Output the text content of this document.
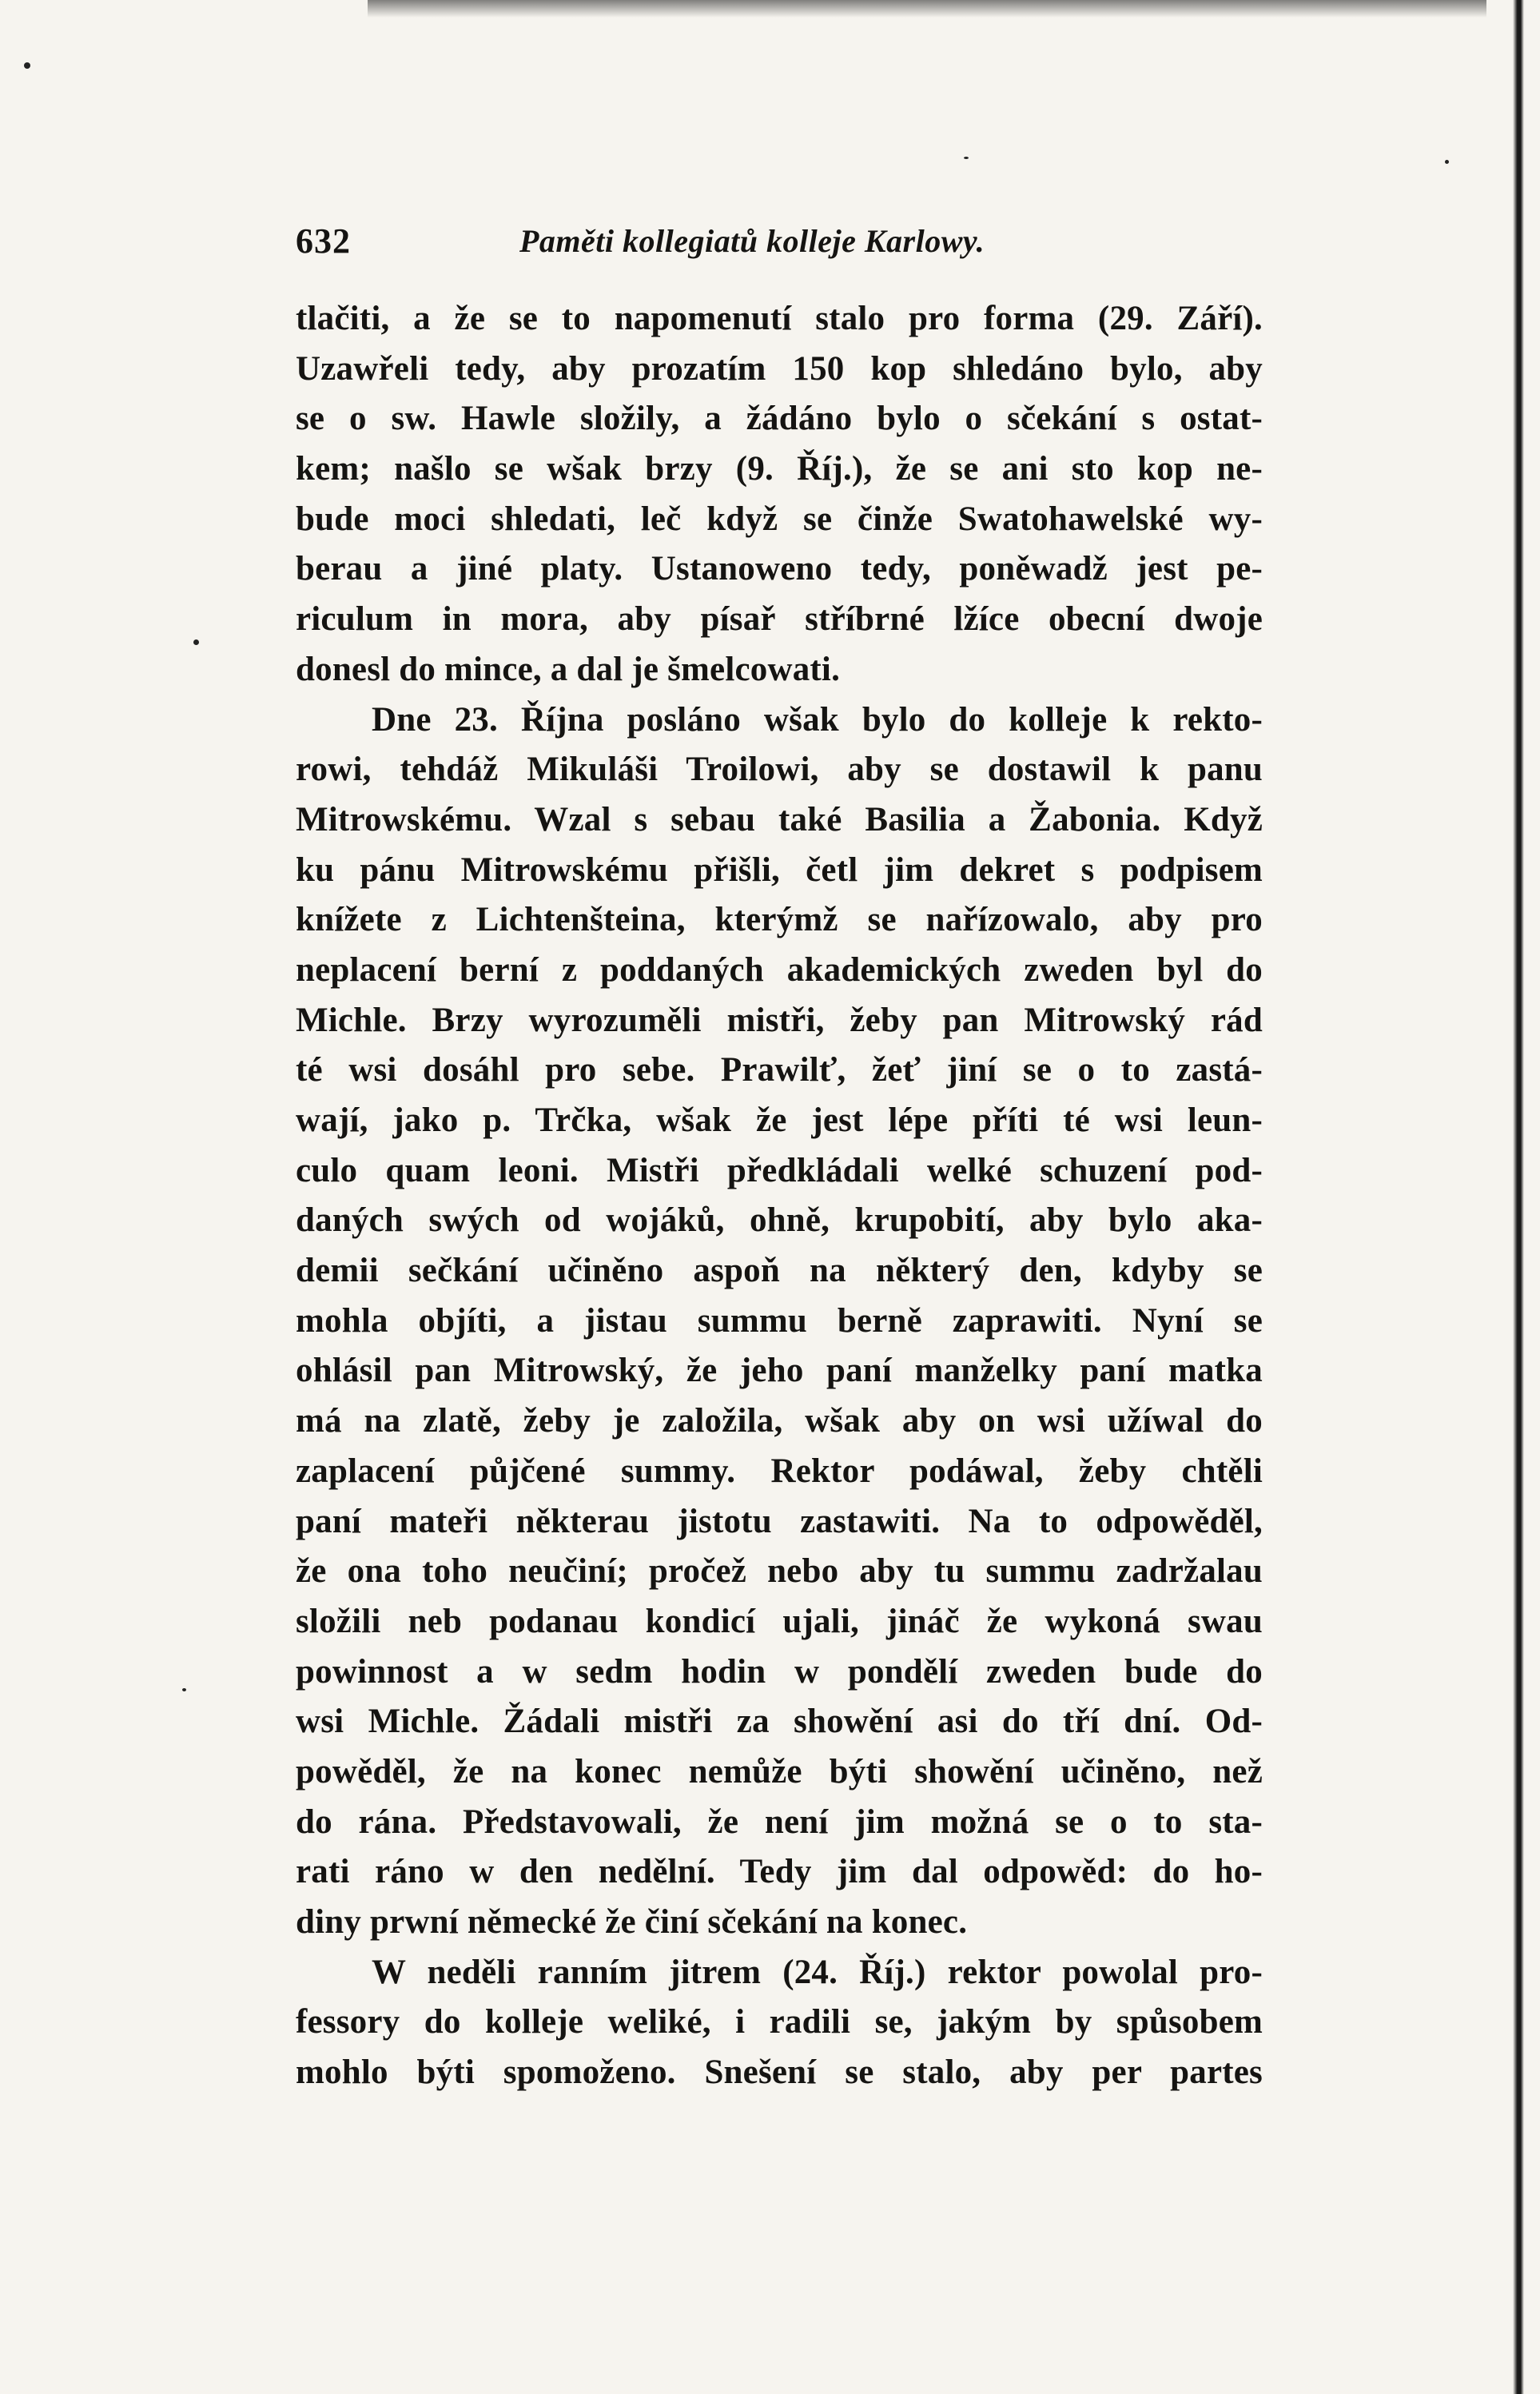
632	Paměti kollegiatů kolleje Karlowy.
tlačiti, a že se to napomenutí stalo pro forma (29. Září).
Uzawřeli tedy, aby prozatím 150 kop shledáno bylo, aby
se o sw. Hawle složily, a žádáno bylo o sčekání s ostat-
kem; našlo se wšak brzy (9. Říj.), že se ani sto kop ne-
bude moci shledati, leč když se činže Swatohawelské wy-
berau a jiné platy. Ustanoweno tedy, poněwadž jest pe-
riculum in mora, aby písař stříbrné lžíce obecní dwoje
donesl do mince, a dal je šmelcowati.
Dne 23. Října posláno wšak bylo do kolleje k rekto-
rowi, tehdáž Mikuláši Troilowi, aby se dostawil k panu
Mitrowskému. Wzal s sebau také Basilia a Žabonia. Když
ku pánu Mitrowskému přišli, četl jim dekret s podpisem
knížete z Lichtenšteina, kterýmž se nařízowalo, aby pro
neplacení berní z poddaných akademických zweden byl do
Michle. Brzy wyrozuměli mistři, žeby pan Mitrowský rád
té wsi dosáhl pro sebe. Prawilť, žeť jiní se o to zastá-
wají, jako p. Trčka, wšak že jest lépe příti té wsi leun-
culo quam leoni. Mistři předkládali welké schuzení pod-
daných swých od wojáků, ohně, krupobití, aby bylo aka-
demii sečkání učiněno aspoň na některý den, kdyby se
mohla objíti, a jistau summu berně zaprawiti. Nyní se
ohlásil pan Mitrowský, že jeho paní manželky paní matka
má na zlatě, žeby je založila, wšak aby on wsi užíwal do
zaplacení půjčené summy. Rektor podáwal, žeby chtěli
paní mateři některau jistotu zastawiti. Na to odpowěděl,
že ona toho neučiní; pročež nebo aby tu summu zadržalau
složili neb podanau kondicí ujali, jináč že wykoná swau
powinnost a w sedm hodin w pondělí zweden bude do
wsi Michle. Žádali mistři za showění asi do tří dní. Od-
powěděl, že na konec nemůže býti showění učiněno, než
do rána. Představowali, že není jim možná se o to sta-
rati ráno w den nedělní. Tedy jim dal odpowěd: do ho-
diny prwní německé že činí sčekání na konec.
W neděli ranním jitrem (24. Říj.) rektor powolal pro-
fessory do kolleje weliké, i radili se, jakým by spůsobem
mohlo býti spomoženo. Snešení se stalo, aby per partes
